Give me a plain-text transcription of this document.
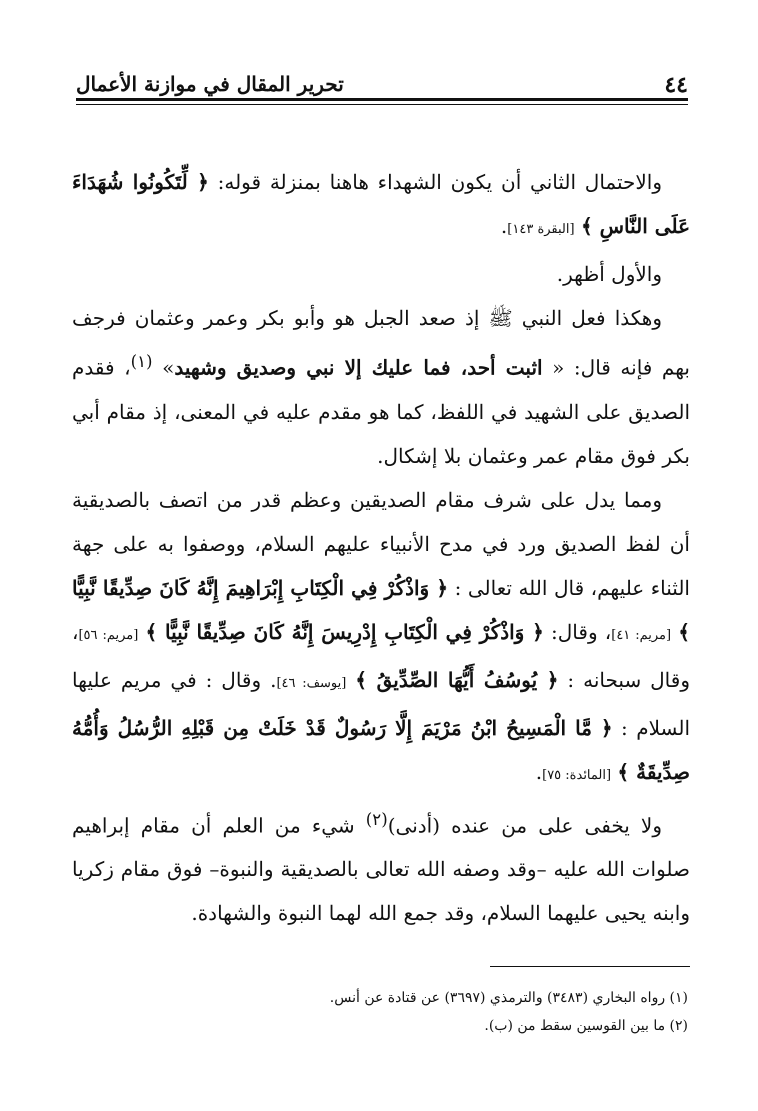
تحرير المقال في موازنة الأعمال	٤٤

والاحتمال الثاني أن يكون الشهداء هاهنا بمنزلة قوله: ﴿ لِّتَكُونُوا شُهَدَاءَ عَلَى النَّاسِ ﴾ [البقرة ١٤٣].

والأول أظهر.

وهكذا فعل النبي ﷺ إذ صعد الجبل هو وأبو بكر وعمر وعثمان فرجف بهم فإنه قال: « اثبت أحد، فما عليك إلا نبي وصديق وشهيد» $^{(١)}$، فقدم الصديق على الشهيد في اللفظ، كما هو مقدم عليه في المعنى، إذ مقام أبي بكر فوق مقام عمر وعثمان بلا إشكال.

ومما يدل على شرف مقام الصديقين وعظم قدر من اتصف بالصديقية أن لفظ الصديق ورد في مدح الأنبياء عليهم السلام، ووصفوا به على جهة الثناء عليهم، قال الله تعالى : ﴿ وَاذْكُرْ فِي الْكِتَابِ إِبْرَاهِيمَ إِنَّهُ كَانَ صِدِّيقًا نَّبِيًّا ﴾ [مريم: ٤١]، وقال: ﴿ وَاذْكُرْ فِي الْكِتَابِ إِدْرِيسَ إِنَّهُ كَانَ صِدِّيقًا نَّبِيًّا ﴾ [مريم: ٥٦]، وقال سبحانه : ﴿ يُوسُفُ أَيُّهَا الصِّدِّيقُ ﴾ [يوسف: ٤٦]. وقال : في مريم عليها السلام : ﴿ مَّا الْمَسِيحُ ابْنُ مَرْيَمَ إِلَّا رَسُولٌ قَدْ خَلَتْ مِن قَبْلِهِ الرُّسُلُ وَأُمُّهُ صِدِّيقَةٌ ﴾ [المائدة: ٧٥].

ولا يخفى على من عنده (أدنى)$^{(٢)}$ شيء من العلم أن مقام إبراهيم صلوات الله عليه –وقد وصفه الله تعالى بالصديقية والنبوة– فوق مقام زكريا وابنه يحيى عليهما السلام، وقد جمع الله لهما النبوة والشهادة.

(١) رواه البخاري (٣٤٨٣) والترمذي (٣٦٩٧) عن قتادة عن أنس.

(٢) ما بين القوسين سقط من (ب).
